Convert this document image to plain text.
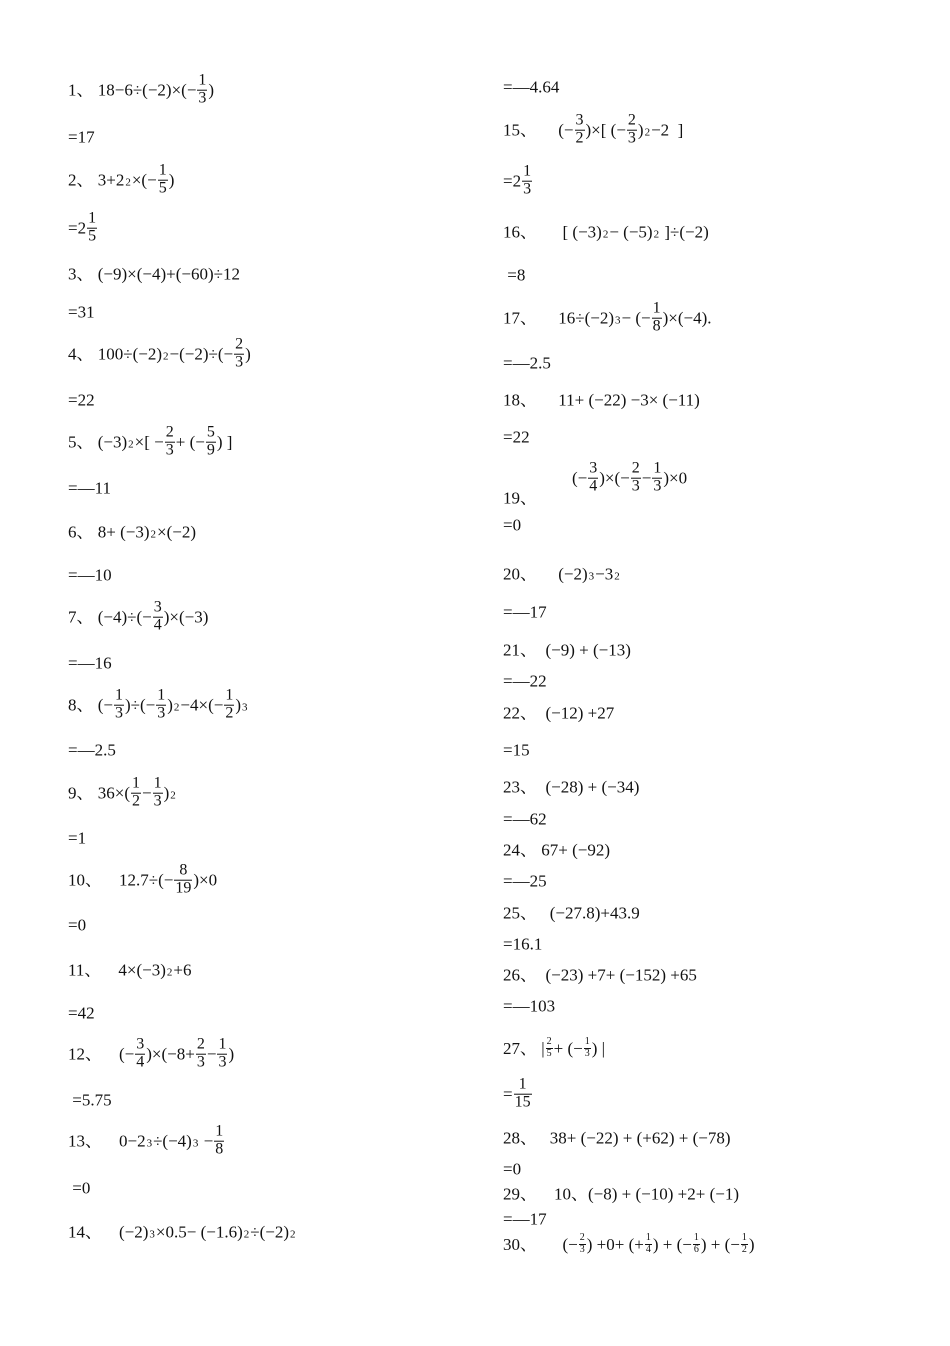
1、 $18-6\div(-2)\times(- \frac{1}{3}$ )
=17
2、 $3+2^2\times(- \frac{1}{5}$ )
$=2 \frac{1}{5}$
3、 (−9)×(−4)+(−60)÷12
=31
4、 $100\div(-2)^2-(-2)\div(- \frac{2}{3}$ )
=22
5、 $(-3)^2\times[ - \frac{2}{3}$ + (− $\frac{5}{9}$ ) ]
=—11
6、 $8+ (-3)^2\times(-2)$
=—10
7、 $(-4)\div(- \frac{3}{4} )\times(-3)$
=—16
8、 (− $\frac{1}{3}$ )÷(− $\frac{1}{3} )^2-4\times(- \frac{1}{2} )^3$
=—2.5
9、 $36\times( \frac{1}{2} - \frac{1}{3} )^2$
=1
10、    $12.7\div(- \frac{8}{19} )\times 0$
=0
11、    $4\times(-3)^2+6$
=42
12、    (− $\frac{3}{4} )\times(-8+ \frac{2}{3} - \frac{1}{3}$ )
=5.75
13、    $0-2^3\div(-4)^3 - \frac{1}{8}$
=0
14、    $(-2)^3\times 0.5- (-1.6)^2\div(-2)^2$
=—4.64
15、     (− $\frac{3}{2}$ )×[ (− $\frac{2}{3} )^2-2$  ]
$=2 \frac{1}{3}$
16、      [ $(-3)^2- (-5)^2$ ]÷(−2)
=8
17、     $16\div(-2)^3-$ (− $\frac{1}{8} )\times(-4)$.
=—2.5
18、     11+ (−22) −3× (−11)
=22
(− $\frac{3}{4}$ )×(− $\frac{2}{3} - \frac{1}{3} )\times 0$
19、
=0
20、     $(-2)^3-3^2$
=—17
21、  (−9) + (−13)
=—22
22、  (−12) +27
=15
23、  (−28) + (−34)
=—62
24、 67+ (−92)
=—25
25、   (−27.8)+43.9
=16.1
26、  (−23) +7+ (−152) +65
=—103
27、 | $\frac{2}{5}$ + (− $\frac{1}{3}$ ) |
= $\frac{1}{15}$
28、   38+ (−22) + (+62) + (−78)
=0
29、    10、(−8) + (−10) +2+ (−1)
=—17
30、      (− $\frac{2}{3}$ ) +0+ (+ $\frac{1}{4}$ ) + (− $\frac{1}{6}$ ) + (− $\frac{1}{2}$ )
